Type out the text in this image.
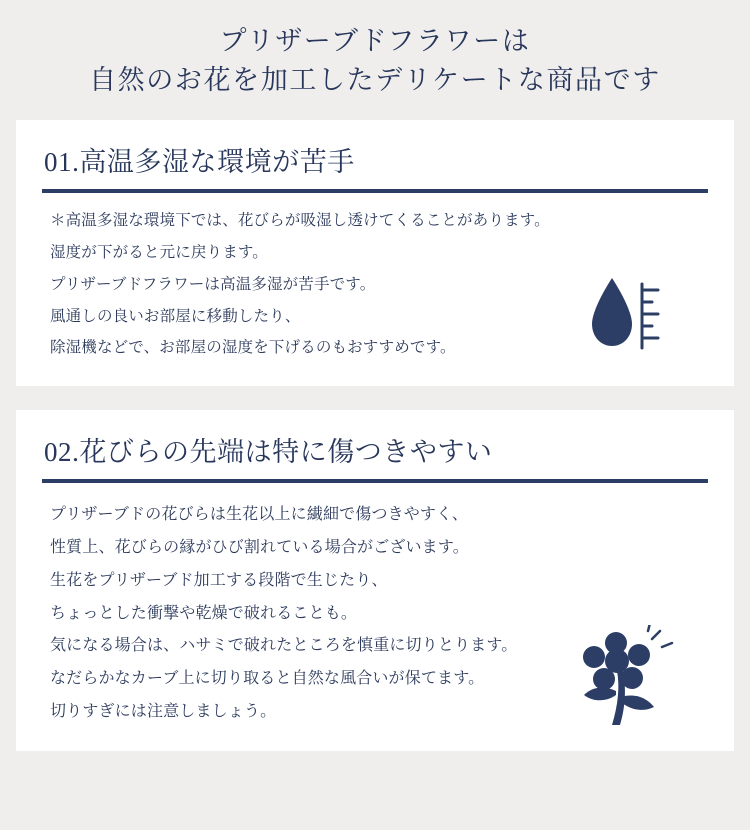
プリザーブドフラワーは
自然のお花を加工したデリケートな商品です
01.高温多湿な環境が苦手
＊高温多湿な環境下では、花びらが吸湿し透けてくることがあります。
湿度が下がると元に戻ります。
プリザーブドフラワーは高温多湿が苦手です。
風通しの良いお部屋に移動したり、
除湿機などで、お部屋の湿度を下げるのもおすすめです。
02.花びらの先端は特に傷つきやすい
プリザーブドの花びらは生花以上に繊細で傷つきやすく、
性質上、花びらの縁がひび割れている場合がございます。
生花をプリザーブド加工する段階で生じたり、
ちょっとした衝撃や乾燥で破れることも。
気になる場合は、ハサミで破れたところを慎重に切りとります。
なだらかなカーブ上に切り取ると自然な風合いが保てます。
切りすぎには注意しましょう。
